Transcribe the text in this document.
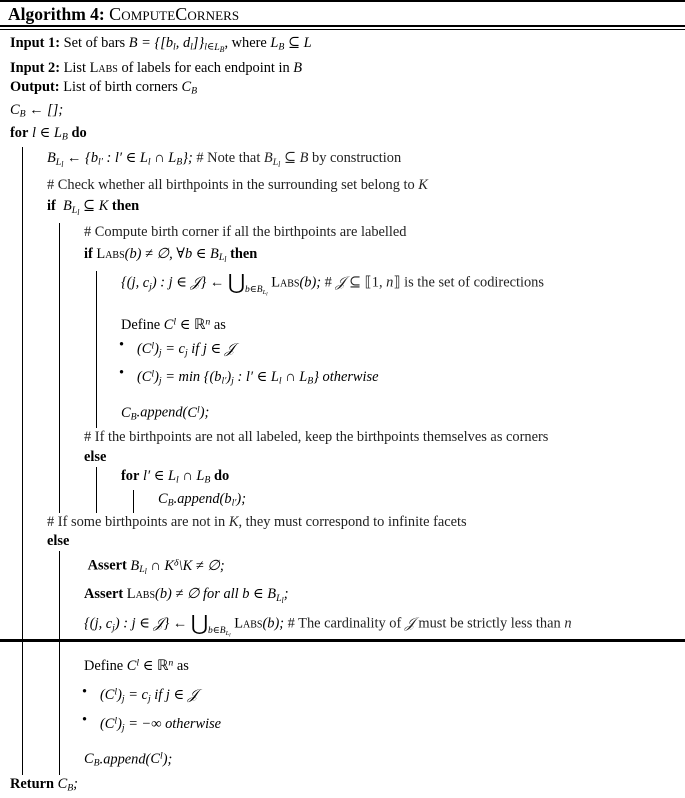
Algorithm 4: ComputeCorners
Input 1: Set of bars $B = \{[b_l$, $d_l]\}_{l\in L_B}$, where $L_B$ ⊆ L
Input 2: List Labs of labels for each endpoint in B
Output: List of birth corners $C_B$
$C_B$ ← [];
for l ∈ $L_B$ do
$B_{L_l}$ ← {$b_{l'}$ : l′ ∈ $L_l$ ∩ $L_B$}; # Note that $B_{L_l}$ ⊆ B by construction
# Check whether all birthpoints in the surrounding set belong to K
if $B_{L_l}$ ⊆ K then
# Compute birth corner if all the birthpoints are labelled
if Labs(b) ≠ ∅, ∀b ∈ $B_{L_l}$ then
{(j, $c_j$) : j ∈ 𝒥} ← $⋃b\in B_{L_l}$ Labs(b); # 𝒥 ⊆ ⟦1, n⟧ is the set of codirections
Define $C^l$ ∈ ℝ$^n$ as
• $(C^l)_j = c_j$ if j ∈ 𝒥
• $(C^l)_j = \min \{(b_{l'})_j$ : l′ ∈ $L_l$ ∩ $L_B$} otherwise
$C_B.append(C^l)$;
# If the birthpoints are not all labeled, keep the birthpoints themselves as corners
else
for l′ ∈ $L_l$ ∩ $L_B$ do
$C_B.append(b_{l'})$;
# If some birthpoints are not in K, they must correspond to infinite facets
else
Assert $B_{L_l}$ ∩ $K^\delta\backslash K$ ≠ ∅;
Assert Labs(b) ≠ ∅ for all b ∈ $B_{L_l}$;
{(j, $c_j$) : j ∈ 𝒥} ← $⋃b\in B_{L_l}$ Labs(b); # The cardinality of 𝒥 must be strictly less than n
Define $C^l$ ∈ ℝ$^n$ as
• $(C^l)_j = c_j$ if j ∈ 𝒥
• $(C^l)_j$ = −∞ otherwise
$C_B.append(C^l)$;
Return $C_B$;
